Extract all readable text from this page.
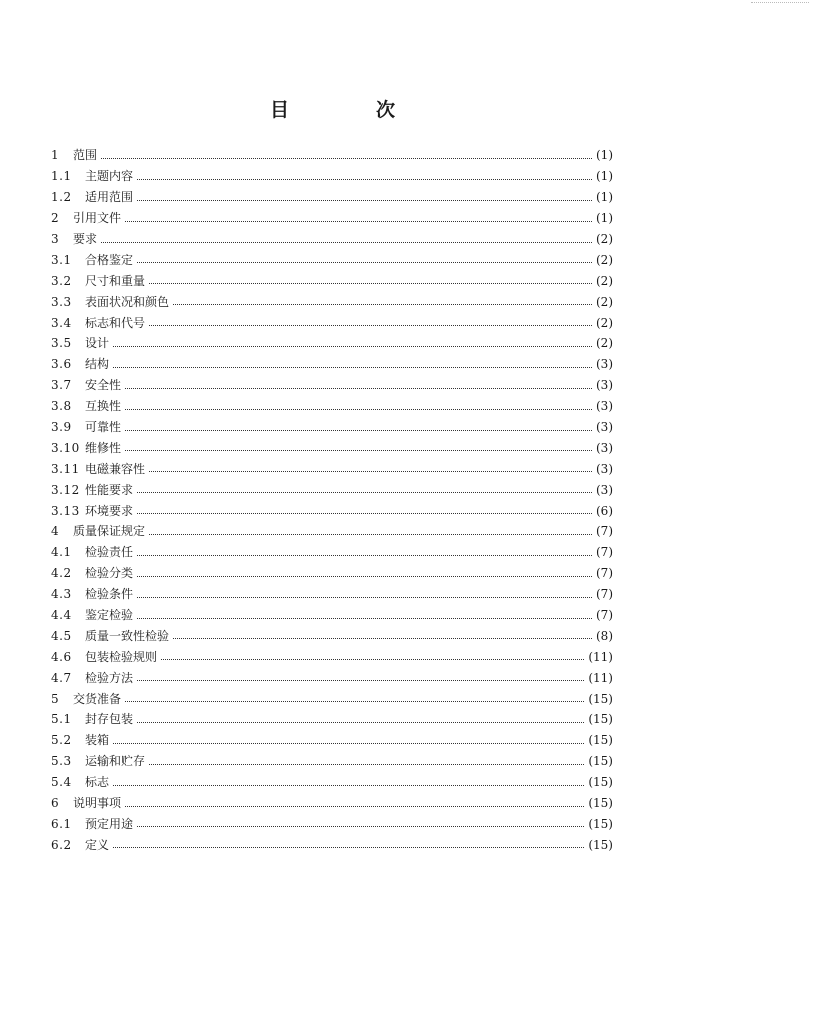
目	次
1	范围	(1)
1.1	主题内容	(1)
1.2	适用范围	(1)
2	引用文件	(1)
3	要求	(2)
3.1	合格鉴定	(2)
3.2	尺寸和重量	(2)
3.3	表面状况和颜色	(2)
3.4	标志和代号	(2)
3.5	设计	(2)
3.6	结构	(3)
3.7	安全性	(3)
3.8	互换性	(3)
3.9	可靠性	(3)
3.10 维修性	(3)
3.11 电磁兼容性	(3)
3.12 性能要求	(3)
3.13 环境要求	(6)
4	质量保证规定	(7)
4.1	检验责任	(7)
4.2	检验分类	(7)
4.3	检验条件	(7)
4.4	鉴定检验	(7)
4.5	质量一致性检验	(8)
4.6	包装检验规则	(11)
4.7	检验方法	(11)
5	交货准备	(15)
5.1	封存包装	(15)
5.2	装箱	(15)
5.3	运输和贮存	(15)
5.4	标志	(15)
6	说明事项	(15)
6.1	预定用途	(15)
6.2	定义	(15)
